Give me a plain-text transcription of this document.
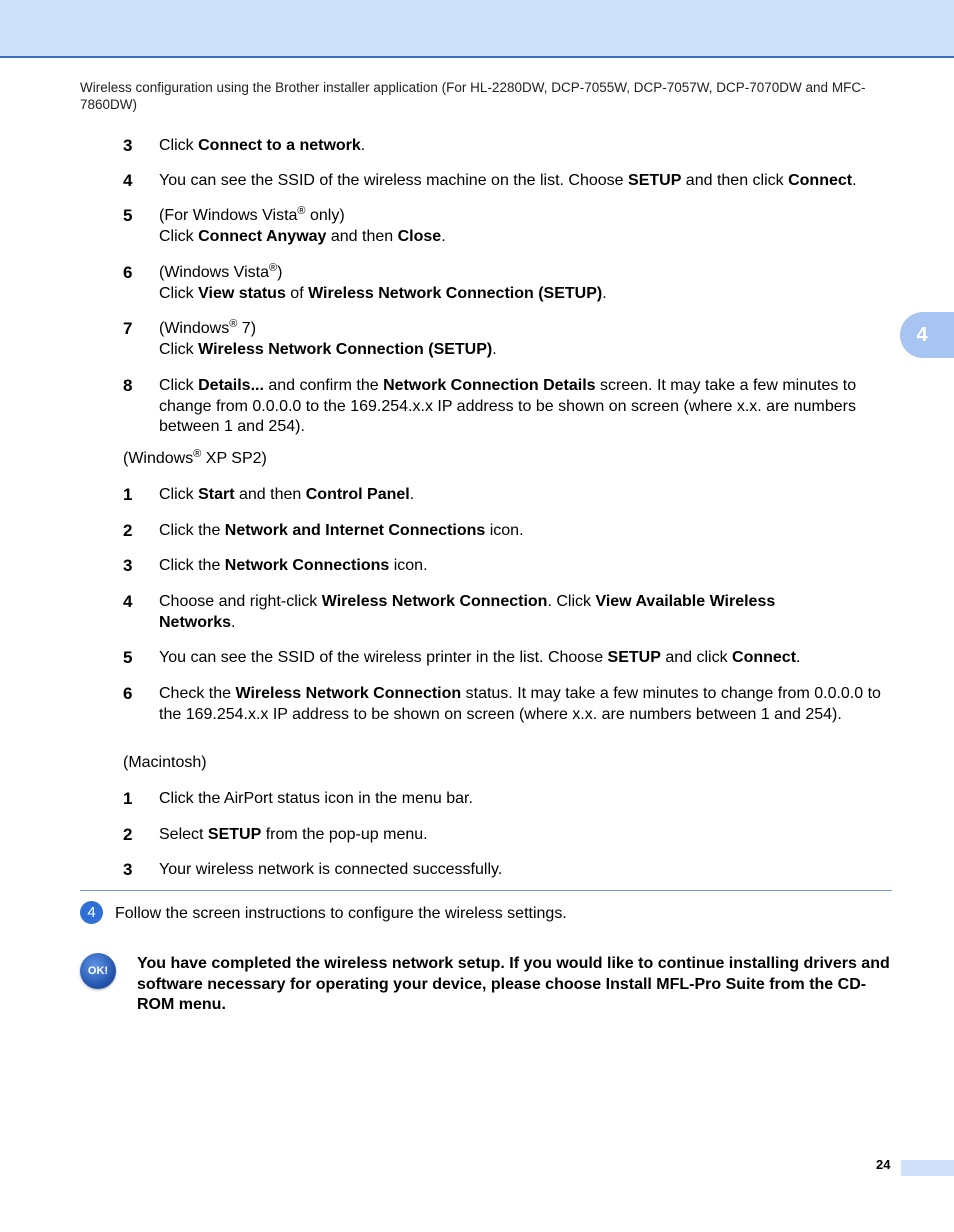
Wireless configuration using the Brother installer application (For HL-2280DW, DCP-7055W, DCP-7057W, DCP-7070DW and MFC-7860DW)
4
3 Click Connect to a network.
4 You can see the SSID of the wireless machine on the list. Choose SETUP and then click Connect.
5 (For Windows Vista® only)
Click Connect Anyway and then Close.
6 (Windows Vista®)
Click View status of Wireless Network Connection (SETUP).
7 (Windows® 7)
Click Wireless Network Connection (SETUP).
8 Click Details... and confirm the Network Connection Details screen. It may take a few minutes to change from 0.0.0.0 to the 169.254.x.x IP address to be shown on screen (where x.x. are numbers between 1 and 254).
(Windows® XP SP2)
1 Click Start and then Control Panel.
2 Click the Network and Internet Connections icon.
3 Click the Network Connections icon.
4 Choose and right-click Wireless Network Connection. Click View Available Wireless Networks.
5 You can see the SSID of the wireless printer in the list. Choose SETUP and click Connect.
6 Check the Wireless Network Connection status. It may take a few minutes to change from 0.0.0.0 to the 169.254.x.x IP address to be shown on screen (where x.x. are numbers between 1 and 254).
(Macintosh)
1 Click the AirPort status icon in the menu bar.
2 Select SETUP from the pop-up menu.
3 Your wireless network is connected successfully.
4	Follow the screen instructions to configure the wireless settings.
OK!	You have completed the wireless network setup. If you would like to continue installing drivers and software necessary for operating your device, please choose Install MFL-Pro Suite from the CD-ROM menu.
24
